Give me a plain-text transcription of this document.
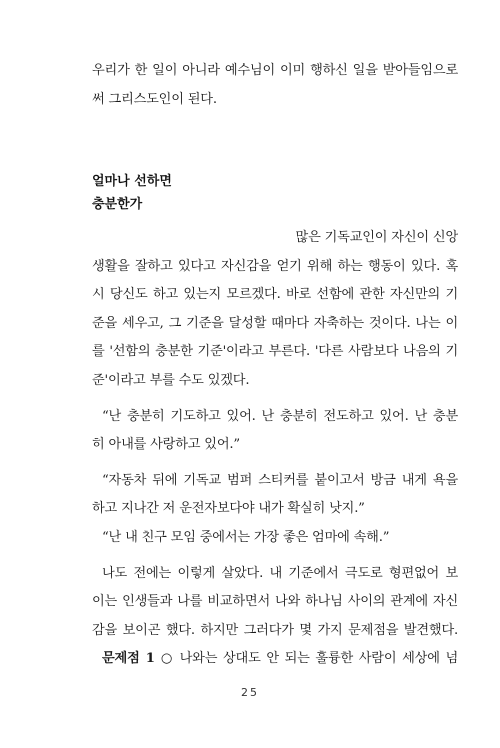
우리가 한 일이 아니라 예수님이 이미 행하신 일을 받아들임으로
써 그리스도인이 된다.
얼마나 선하면
충분한가
많은 기독교인이 자신이 신앙
생활을 잘하고 있다고 자신감을 얻기 위해 하는 행동이 있다. 혹
시 당신도 하고 있는지 모르겠다. 바로 선함에 관한 자신만의 기
준을 세우고, 그 기준을 달성할 때마다 자축하는 것이다. 나는 이
를 '선함의 충분한 기준'이라고 부른다. '다른 사람보다 나음의 기
준'이라고 부를 수도 있겠다.
“난 충분히 기도하고 있어. 난 충분히 전도하고 있어. 난 충분
히 아내를 사랑하고 있어.”
“자동차 뒤에 기독교 범퍼 스티커를 붙이고서 방금 내게 욕을
하고 지나간 저 운전자보다야 내가 확실히 낫지.”
“난 내 친구 모임 중에서는 가장 좋은 엄마에 속해.”
나도 전에는 이렇게 살았다. 내 기준에서 극도로 형편없어 보
이는 인생들과 나를 비교하면서 나와 하나님 사이의 관계에 자신
감을 보이곤 했다. 하지만 그러다가 몇 가지 문제점을 발견했다.
문제점 1 ○ 나와는 상대도 안 되는 훌륭한 사람이 세상에 넘
25
